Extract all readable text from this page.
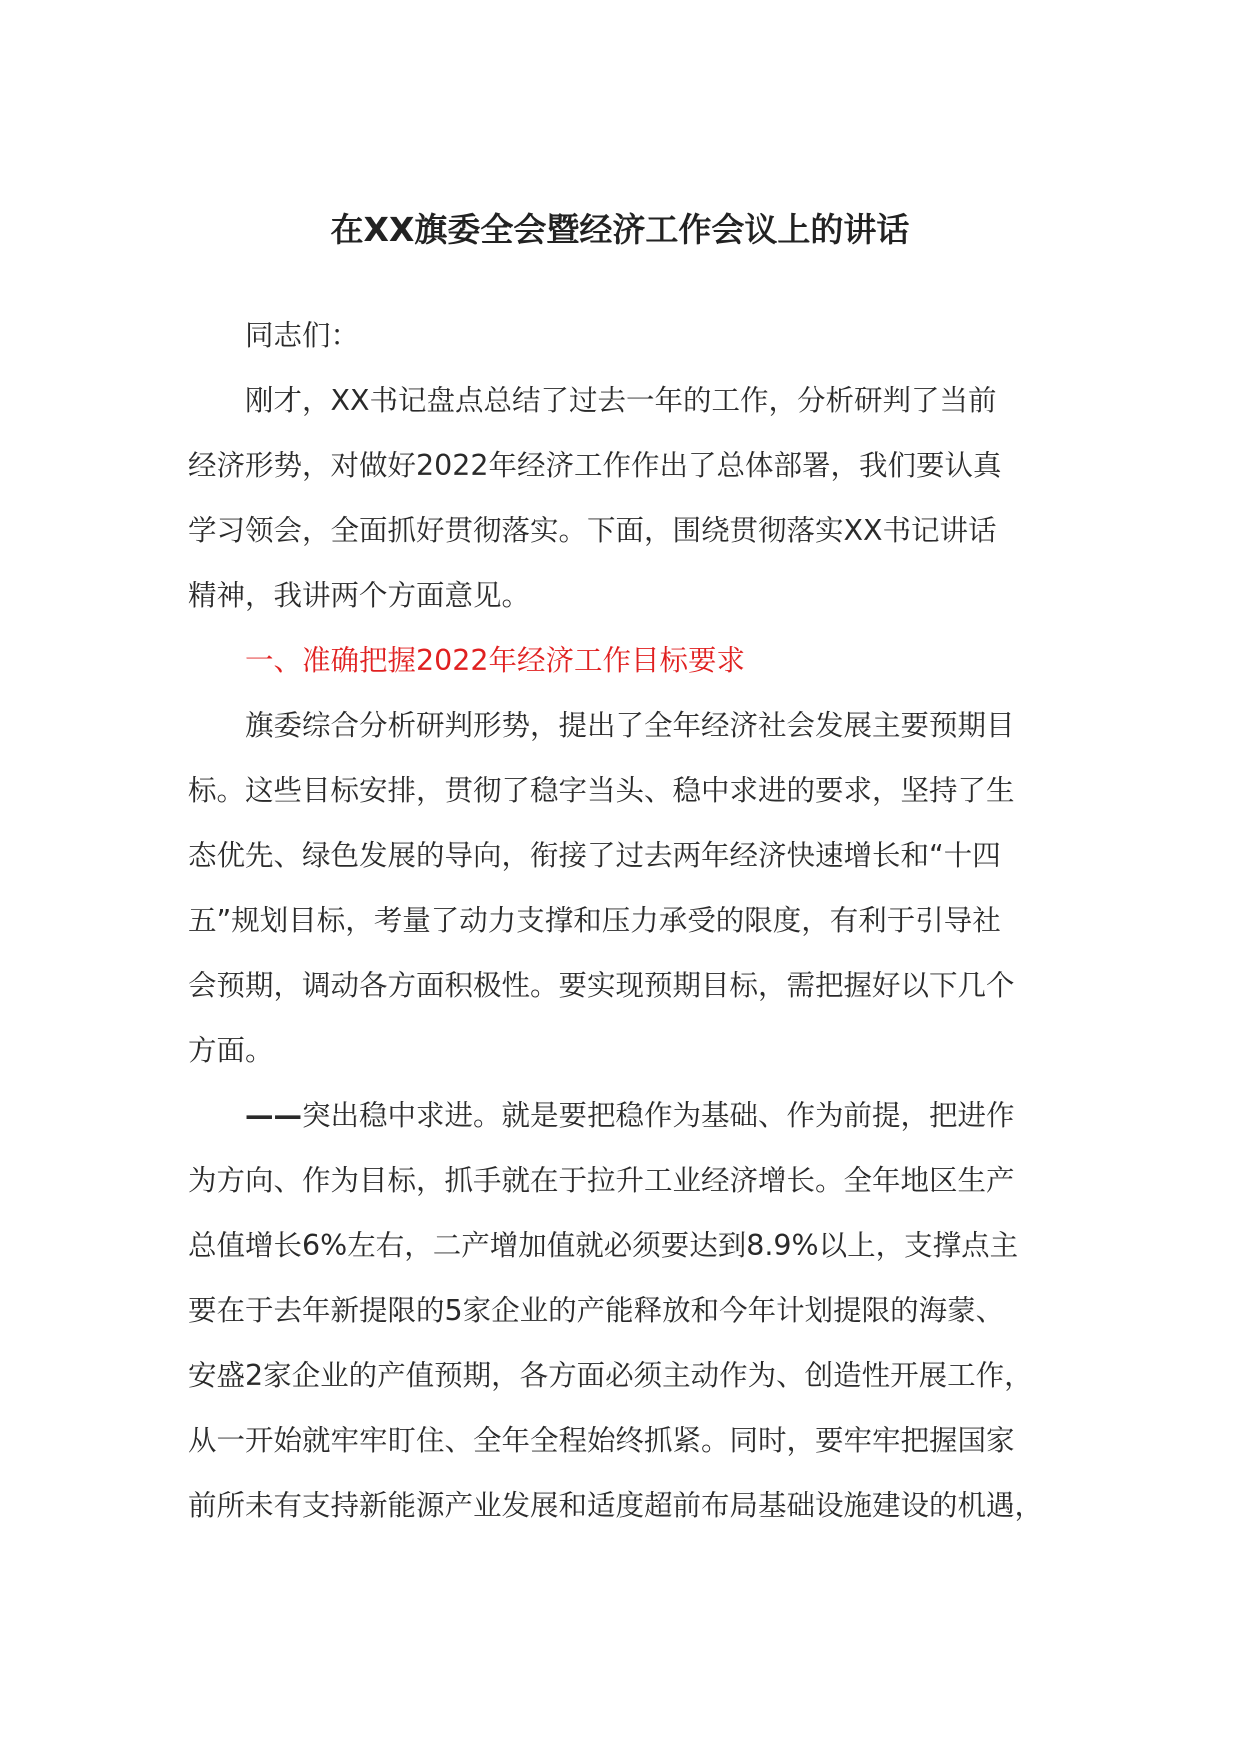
在XX旗委全会暨经济工作会议上的讲话

同志们：

刚才，XX书记盘点总结了过去一年的工作，分析研判了当前
经济形势，对做好2022年经济工作作出了总体部署，我们要认真
学习领会，全面抓好贯彻落实。下面，围绕贯彻落实XX书记讲话
精神，我讲两个方面意见。

一、准确把握2022年经济工作目标要求

旗委综合分析研判形势，提出了全年经济社会发展主要预期目
标。这些目标安排，贯彻了稳字当头、稳中求进的要求，坚持了生
态优先、绿色发展的导向，衔接了过去两年经济快速增长和“十四
五”规划目标，考量了动力支撑和压力承受的限度，有利于引导社
会预期，调动各方面积极性。要实现预期目标，需把握好以下几个
方面。

——突出稳中求进。就是要把稳作为基础、作为前提，把进作
为方向、作为目标，抓手就在于拉升工业经济增长。全年地区生产
总值增长6%左右，二产增加值就必须要达到8.9%以上，支撑点主
要在于去年新提限的5家企业的产能释放和今年计划提限的海蒙、
安盛2家企业的产值预期，各方面必须主动作为、创造性开展工作，
从一开始就牢牢盯住、全年全程始终抓紧。同时，要牢牢把握国家
前所未有支持新能源产业发展和适度超前布局基础设施建设的机遇，
